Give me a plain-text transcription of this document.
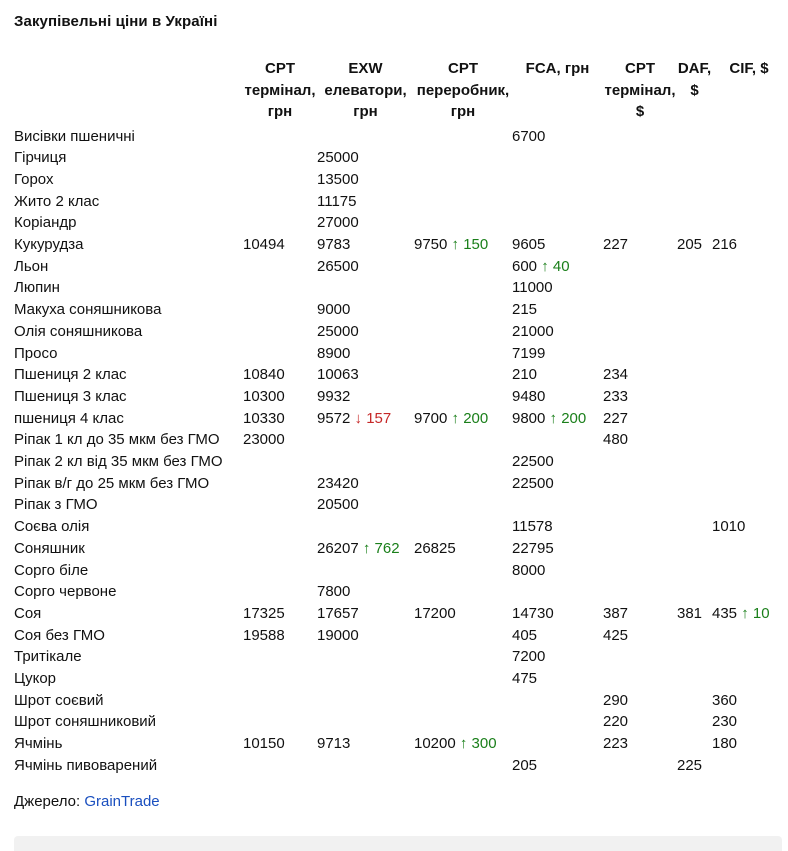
Закупівельні ціни в Україні
	CPT термінал, грн	EXW елеватори, грн	CPT переробник, грн	FCA, грн	CPT термінал, $	DAF, $	CIF, $
Висівки пшеничні				6700			
Гірчиця		25000					
Горох		13500					
Жито 2 клас		11175					
Коріандр		27000					
Кукурудза	10494	9783	9750 ↑ 150	9605	227	205	216
Льон		26500		600 ↑ 40			
Люпин				11000			
Макуха соняшникова		9000		215			
Олія соняшникова		25000		21000			
Просо		8900		7199			
Пшениця 2 клас	10840	10063		210	234		
Пшениця 3 клас	10300	9932		9480	233		
пшениця 4 клас	10330	9572 ↓ 157	9700 ↑ 200	9800 ↑ 200	227		
Ріпак 1 кл до 35 мкм без ГМО	23000				480		
Ріпак 2 кл від 35 мкм без ГМО				22500			
Ріпак в/г до 25 мкм без ГМО		23420		22500			
Ріпак з ГМО		20500					
Соєва олія				11578			1010
Соняшник		26207 ↑ 762	26825	22795			
Сорго біле				8000			
Сорго червоне		7800					
Соя	17325	17657	17200	14730	387	381	435 ↑ 10
Соя без ГМО	19588	19000		405	425		
Тритікале				7200			
Цукор				475			
Шрот соєвий					290		360
Шрот соняшниковий					220		230
Ячмінь	10150	9713	10200 ↑ 300		223		180
Ячмінь пивоварений				205		225	
Джерело: GrainTrade
